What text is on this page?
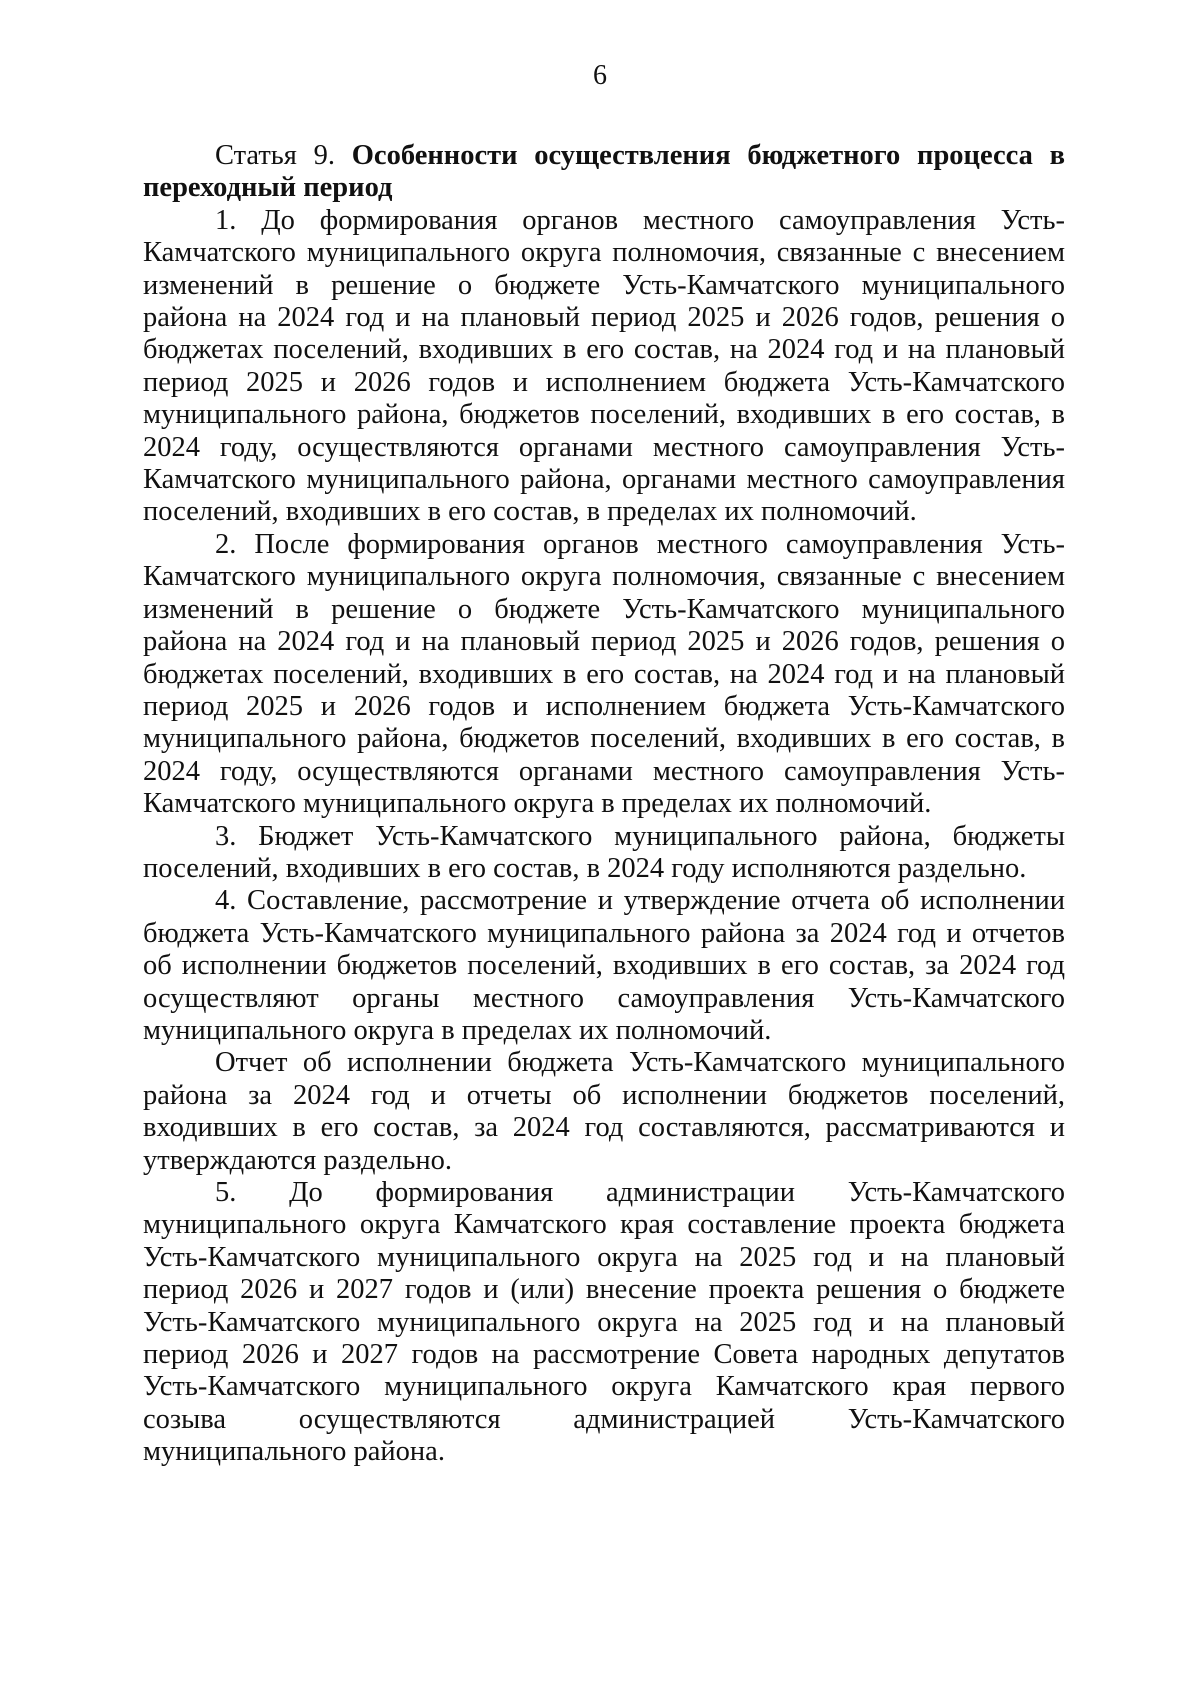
6

Статья 9. Особенности осуществления бюджетного процесса в переходный период

1. До формирования органов местного самоуправления Усть-Камчатского муниципального округа полномочия, связанные с внесением изменений в решение о бюджете Усть-Камчатского муниципального района на 2024 год и на плановый период 2025 и 2026 годов, решения о бюджетах поселений, входивших в его состав, на 2024 год и на плановый период 2025 и 2026 годов и исполнением бюджета Усть-Камчатского муниципального района, бюджетов поселений, входивших в его состав, в 2024 году, осуществляются органами местного самоуправления Усть-Камчатского муниципального района, органами местного самоуправления поселений, входивших в его состав, в пределах их полномочий.

2. После формирования органов местного самоуправления Усть-Камчатского муниципального округа полномочия, связанные с внесением изменений в решение о бюджете Усть-Камчатского муниципального района на 2024 год и на плановый период 2025 и 2026 годов, решения о бюджетах поселений, входивших в его состав, на 2024 год и на плановый период 2025 и 2026 годов и исполнением бюджета Усть-Камчатского муниципального района, бюджетов поселений, входивших в его состав, в 2024 году, осуществляются органами местного самоуправления Усть-Камчатского муниципального округа в пределах их полномочий.

3. Бюджет Усть-Камчатского муниципального района, бюджеты поселений, входивших в его состав, в 2024 году исполняются раздельно.

4. Составление, рассмотрение и утверждение отчета об исполнении бюджета Усть-Камчатского муниципального района за 2024 год и отчетов об исполнении бюджетов поселений, входивших в его состав, за 2024 год осуществляют органы местного самоуправления Усть-Камчатского муниципального округа в пределах их полномочий.

Отчет об исполнении бюджета Усть-Камчатского муниципального района за 2024 год и отчеты об исполнении бюджетов поселений, входивших в его состав, за 2024 год составляются, рассматриваются и утверждаются раздельно.

5. До формирования администрации Усть-Камчатского муниципального округа Камчатского края составление проекта бюджета Усть-Камчатского муниципального округа на 2025 год и на плановый период 2026 и 2027 годов и (или) внесение проекта решения о бюджете Усть-Камчатского муниципального округа на 2025 год и на плановый период 2026 и 2027 годов на рассмотрение Совета народных депутатов Усть-Камчатского муниципального округа Камчатского края первого созыва осуществляются администрацией Усть-Камчатского муниципального района.
